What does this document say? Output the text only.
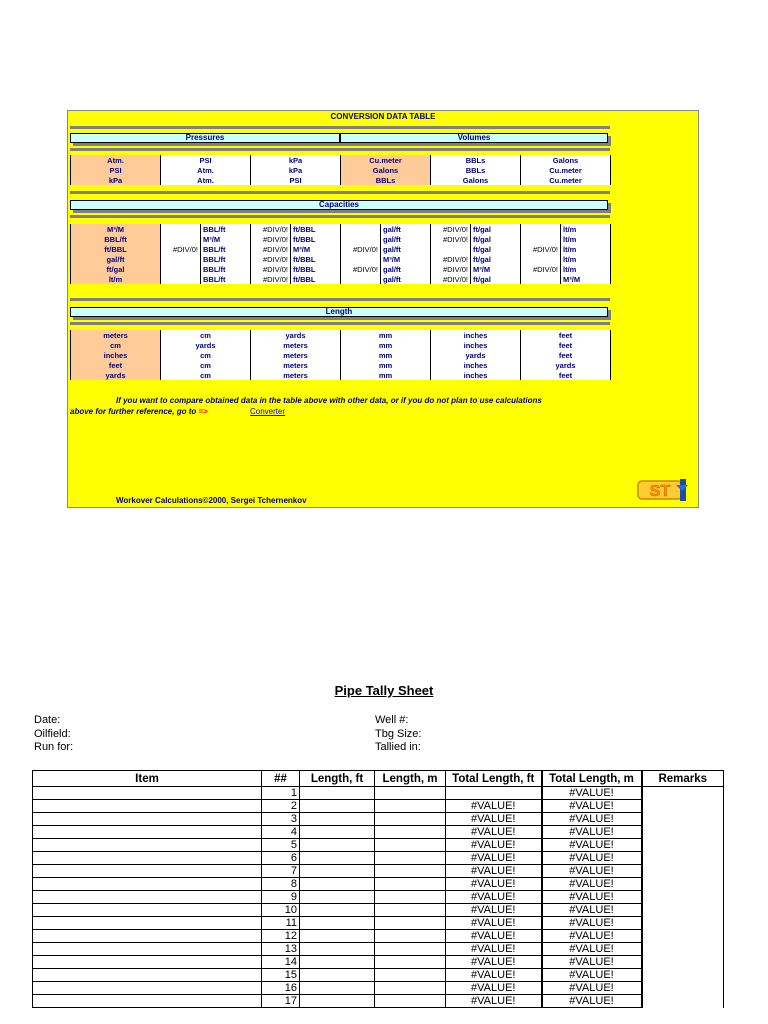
CONVERSION DATA TABLE
Pressures	Volumes
Atm.	PSI	kPa	Cu.meter	BBLs	Galons
PSI	Atm.	kPa	Galons	BBLs	Cu.meter
kPa	Atm.	PSI	BBLs	Galons	Cu.meter
Capacities
M³/M		BBL/ft	#DIV/0!	ft/BBL		gal/ft	#DIV/0!	ft/gal		lt/m
BBL/ft		M³/M	#DIV/0!	ft/BBL		gal/ft	#DIV/0!	ft/gal		lt/m
ft/BBL	#DIV/0!	BBL/ft	#DIV/0!	M³/M	#DIV/0!	gal/ft		ft/gal	#DIV/0!	lt/m
gal/ft		BBL/ft	#DIV/0!	ft/BBL		M³/M	#DIV/0!	ft/gal		lt/m
ft/gal		BBL/ft	#DIV/0!	ft/BBL	#DIV/0!	gal/ft	#DIV/0!	M³/M	#DIV/0!	lt/m
lt/m		BBL/ft	#DIV/0!	ft/BBL		gal/ft	#DIV/0!	ft/gal		M³/M
Length
meters	cm	yards	mm	inches	feet
cm	yards	meters	mm	inches	feet
inches	cm	meters	mm	yards	feet
feet	cm	meters	mm	inches	yards
yards	cm	meters	mm	inches	feet
If you want to compare obtained data in the table above with other data, or if you do not plan to use calculations
above for further reference, go to =>	Converter
Workover Calculations©2000, Sergei Tchernenkov
ST
Pipe Tally Sheet
Date:
Oilfield:
Run for:
Well #:
Tbg Size:
Tallied in:
Item	##	Length, ft	Length, m	Total Length, ft	Total Length, m	Remarks
	1				#VALUE!	
	2			#VALUE!	#VALUE!	
	3			#VALUE!	#VALUE!	
	4			#VALUE!	#VALUE!	
	5			#VALUE!	#VALUE!	
	6			#VALUE!	#VALUE!	
	7			#VALUE!	#VALUE!	
	8			#VALUE!	#VALUE!	
	9			#VALUE!	#VALUE!	
	10			#VALUE!	#VALUE!	
	11			#VALUE!	#VALUE!	
	12			#VALUE!	#VALUE!	
	13			#VALUE!	#VALUE!	
	14			#VALUE!	#VALUE!	
	15			#VALUE!	#VALUE!	
	16			#VALUE!	#VALUE!	
	17			#VALUE!	#VALUE!	
